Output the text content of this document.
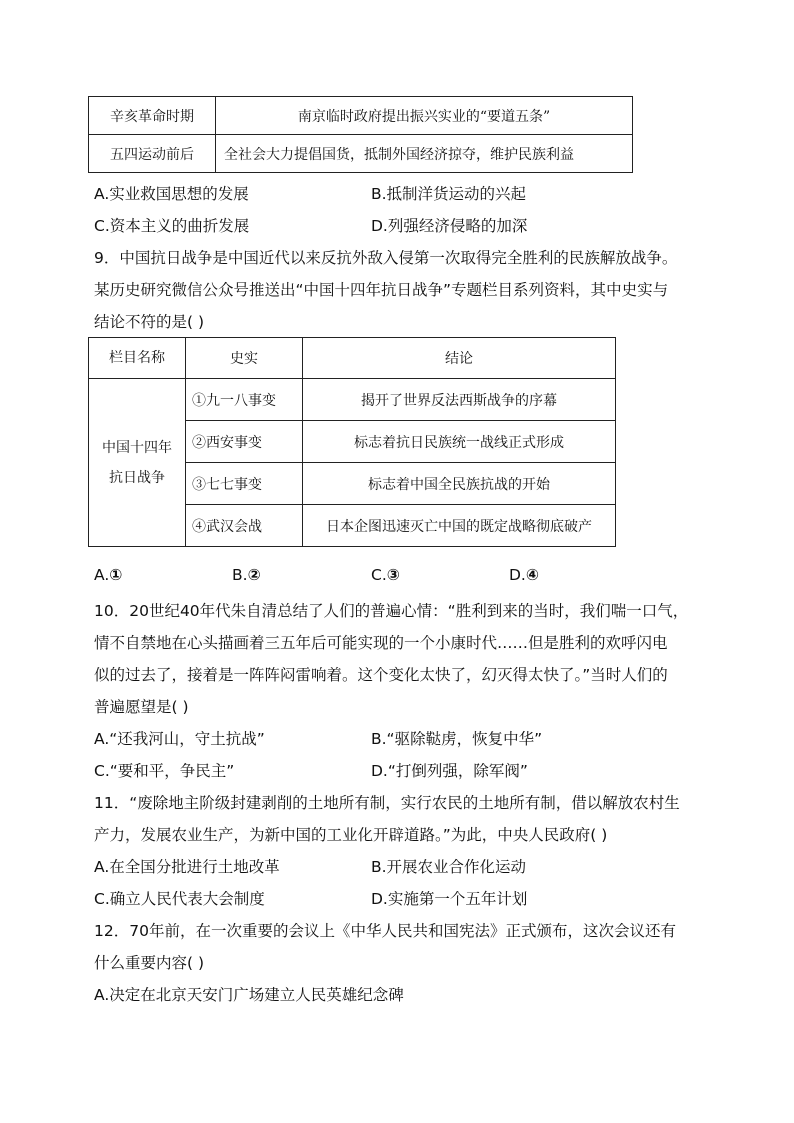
辛亥革命时期	南京临时政府提出振兴实业的“要道五条”
五四运动前后	全社会大力提倡国货，抵制外国经济掠夺，维护民族利益
A.实业救国思想的发展	B.抵制洋货运动的兴起
C.资本主义的曲折发展	D.列强经济侵略的加深
9．中国抗日战争是中国近代以来反抗外敌入侵第一次取得完全胜利的民族解放战争。
某历史研究微信公众号推送出“中国十四年抗日战争”专题栏目系列资料，其中史实与
结论不符的是( )
栏目名称	史实	结论

中国十四年
抗日战争	①九一八事变	揭开了世界反法西斯战争的序幕
	②西安事变	标志着抗日民族统一战线正式形成
	③七七事变	标志着中国全民族抗战的开始
	④武汉会战	日本企图迅速灭亡中国的既定战略彻底破产
A.①	B.②	C.③	D.④
10．20世纪40年代朱自清总结了人们的普遍心情：“胜利到来的当时，我们喘一口气，
情不自禁地在心头描画着三五年后可能实现的一个小康时代……但是胜利的欢呼闪电
似的过去了，接着是一阵阵闷雷响着。这个变化太快了，幻灭得太快了。”当时人们的
普遍愿望是( )
A.“还我河山，守土抗战”	B.“驱除鞑虏，恢复中华”
C.“要和平，争民主”	D.“打倒列强，除军阀”
11．“废除地主阶级封建剥削的土地所有制，实行农民的土地所有制，借以解放农村生
产力，发展农业生产，为新中国的工业化开辟道路。”为此，中央人民政府( )
A.在全国分批进行土地改革	B.开展农业合作化运动
C.确立人民代表大会制度	D.实施第一个五年计划
12．70年前，在一次重要的会议上《中华人民共和国宪法》正式颁布，这次会议还有
什么重要内容( )
A.决定在北京天安门广场建立人民英雄纪念碑
